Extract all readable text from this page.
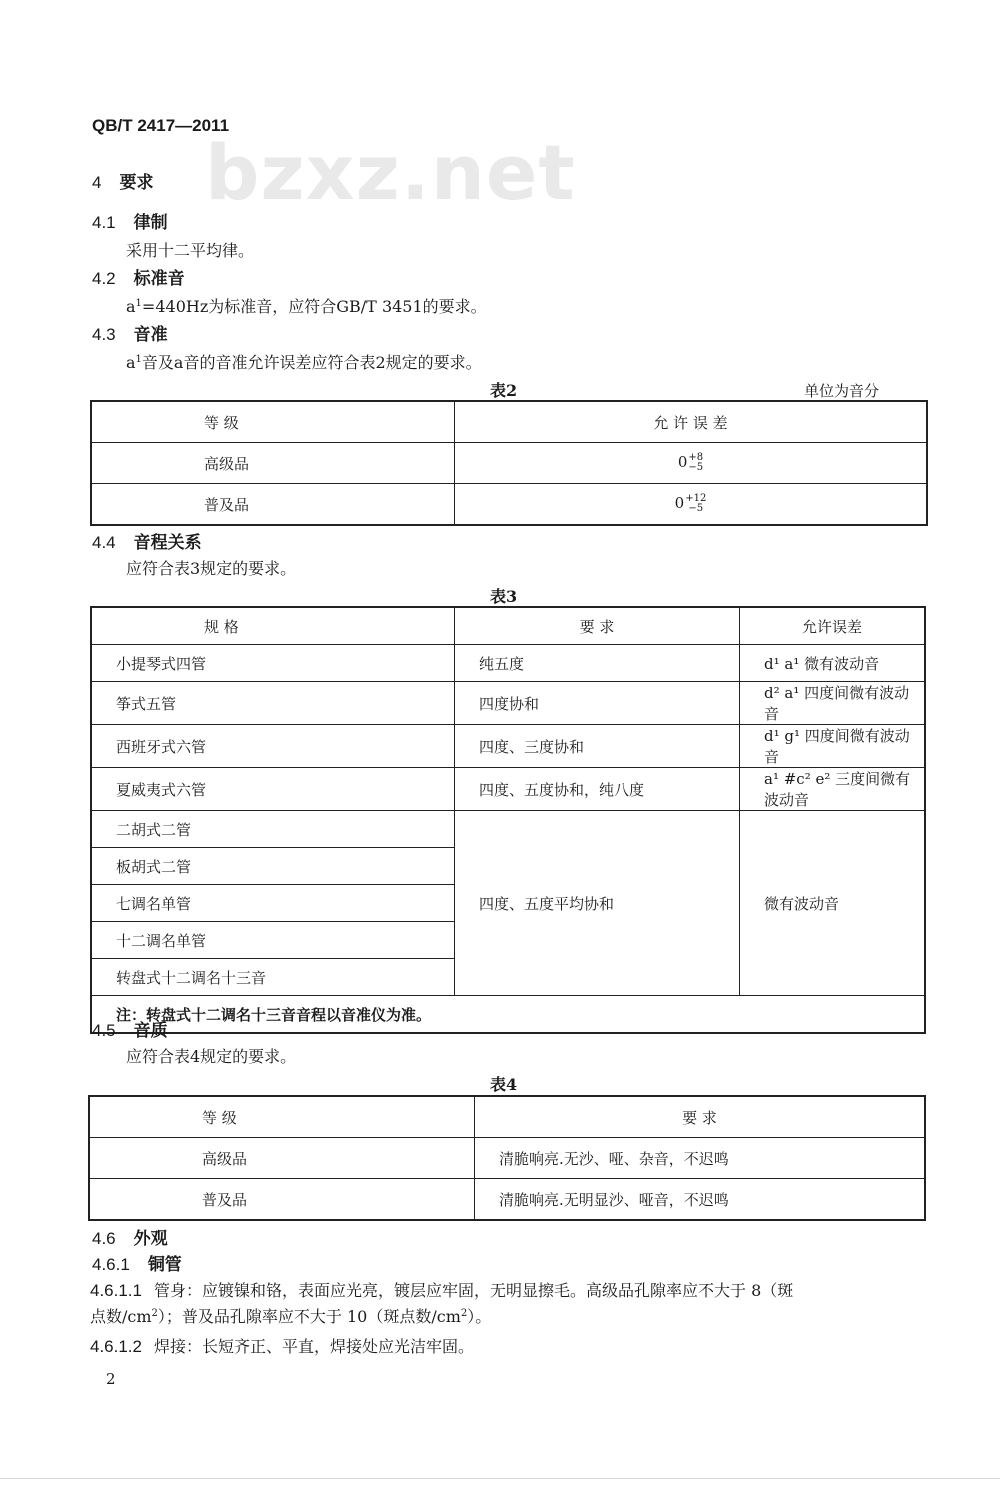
bzxz.net
QB/T 2417—2011
4 要求
4.1 律制
采用十二平均律。
4.2 标准音
$a^1=440Hz$为标准音，应符合GB/T 3451的要求。
4.3 音准
$a^1$音及a音的音准允许误差应符合表2规定的要求。
表2	单位为音分
等 级	允 许 误 差
高级品	0 +8
−5

普及品	0 +12
−5
4.4 音程关系
应符合表3规定的要求。
表3
规 格	要 求	允许误差
小提琴式四管	纯五度	d¹ a¹ 微有波动音
筝式五管	四度协和	d² a¹ 四度间微有波动音
西班牙式六管	四度、三度协和	d¹ g¹ 四度间微有波动音
夏威夷式六管	四度、五度协和，纯八度	a¹ #c² e² 三度间微有波动音
二胡式二管	四度、五度平均协和	微有波动音
板胡式二管		
七调名单管		
十二调名单管		
转盘式十二调名十三音		
注：转盘式十二调名十三音音程以音准仪为准。		
4.5 音质
应符合表4规定的要求。
表4
等 级	要 求
高级品	清脆响亮.无沙、哑、杂音，不迟鸣
普及品	清脆响亮.无明显沙、哑音，不迟鸣
4.6 外观
4.6.1 铜管
4.6.1.1 管身：应镀镍和铬，表面应光亮，镀层应牢固，无明显擦毛。高级品孔隙率应不大于 8（斑
点数$/cm^2$）；普及品孔隙率应不大于 10（斑点数$/cm^2$）。
4.6.1.2 焊接：长短齐正、平直，焊接处应光洁牢固。
2
